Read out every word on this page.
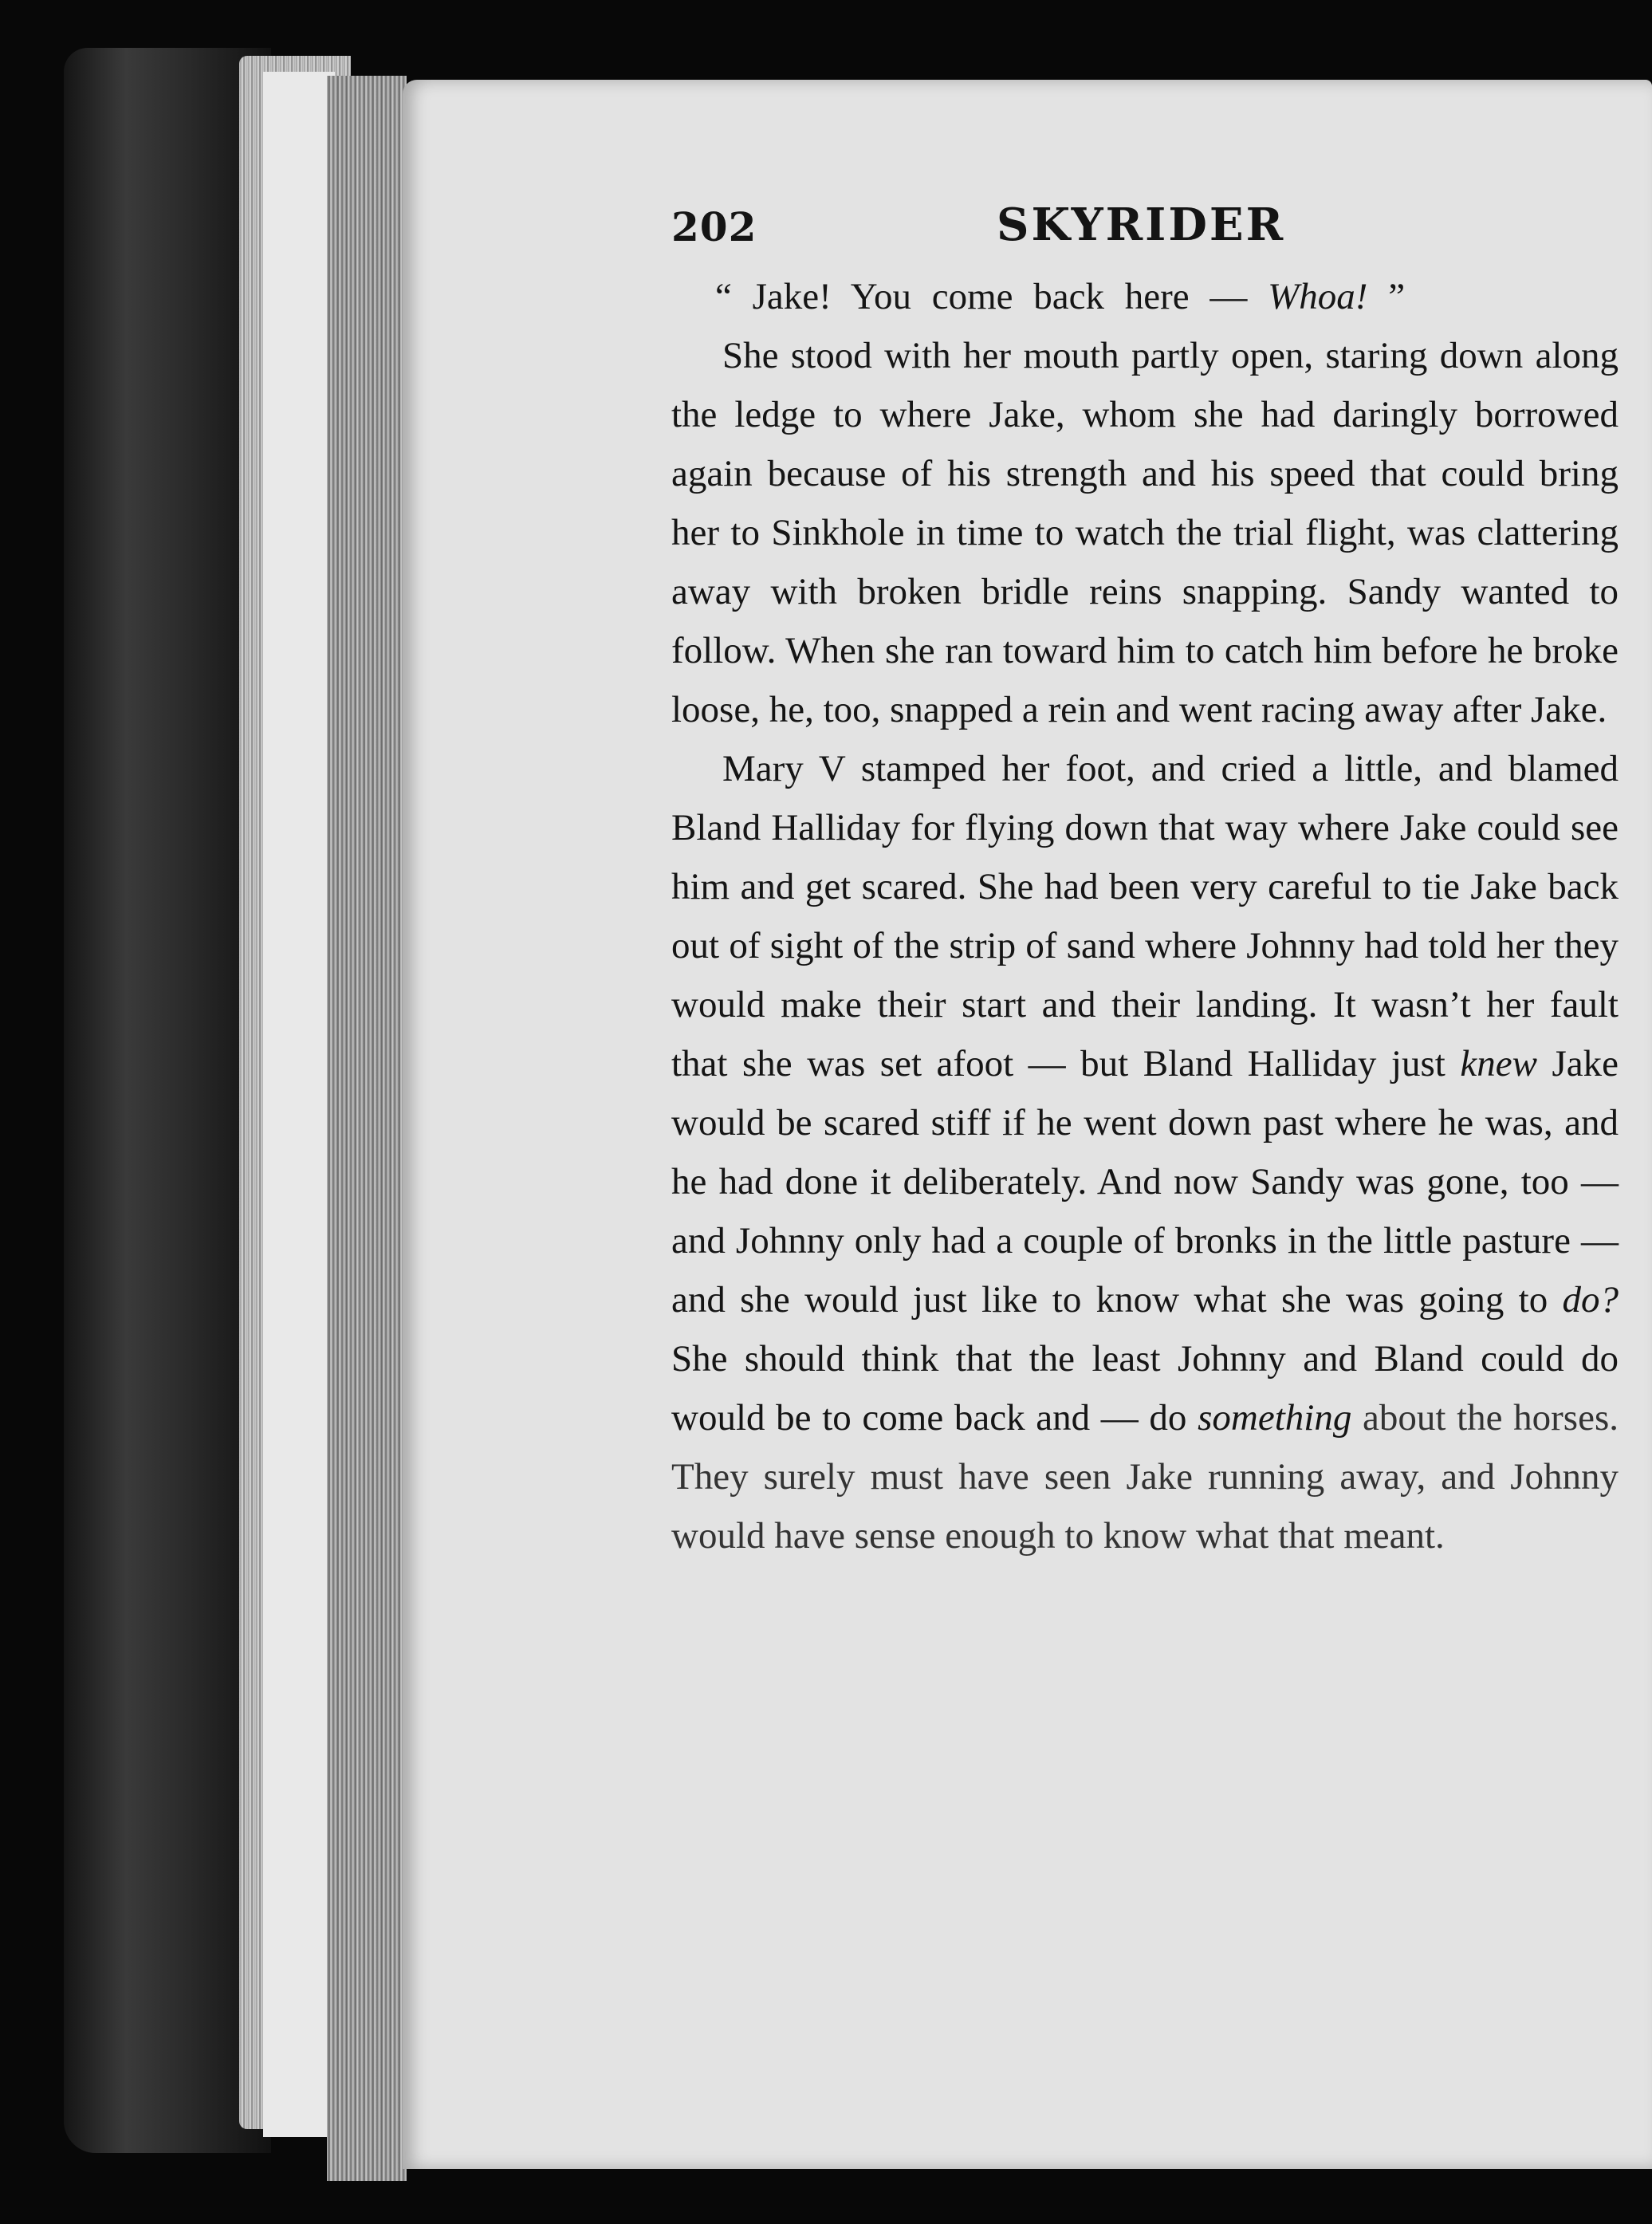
202	SKYRIDER

“ Jake! You come back here — Whoa! ”

She stood with her mouth partly open, staring down along the ledge to where Jake, whom she had daringly borrowed again because of his strength and his speed that could bring her to Sinkhole in time to watch the trial flight, was clattering away with broken bridle reins snapping. Sandy wanted to follow. When she ran toward him to catch him before he broke loose, he, too, snapped a rein and went racing away after Jake.

Mary V stamped her foot, and cried a little, and blamed Bland Halliday for flying down that way where Jake could see him and get scared. She had been very careful to tie Jake back out of sight of the strip of sand where Johnny had told her they would make their start and their landing. It wasn’t her fault that she was set afoot — but Bland Halliday just knew Jake would be scared stiff if he went down past where he was, and he had done it deliberately. And now Sandy was gone, too — and Johnny only had a couple of bronks in the little pasture — and she would just like to know what she was going to do? She should think that the least Johnny and Bland could do would be to come back and — do something about the horses. They surely must have seen Jake running away, and Johnny would have sense enough to know what that meant.
